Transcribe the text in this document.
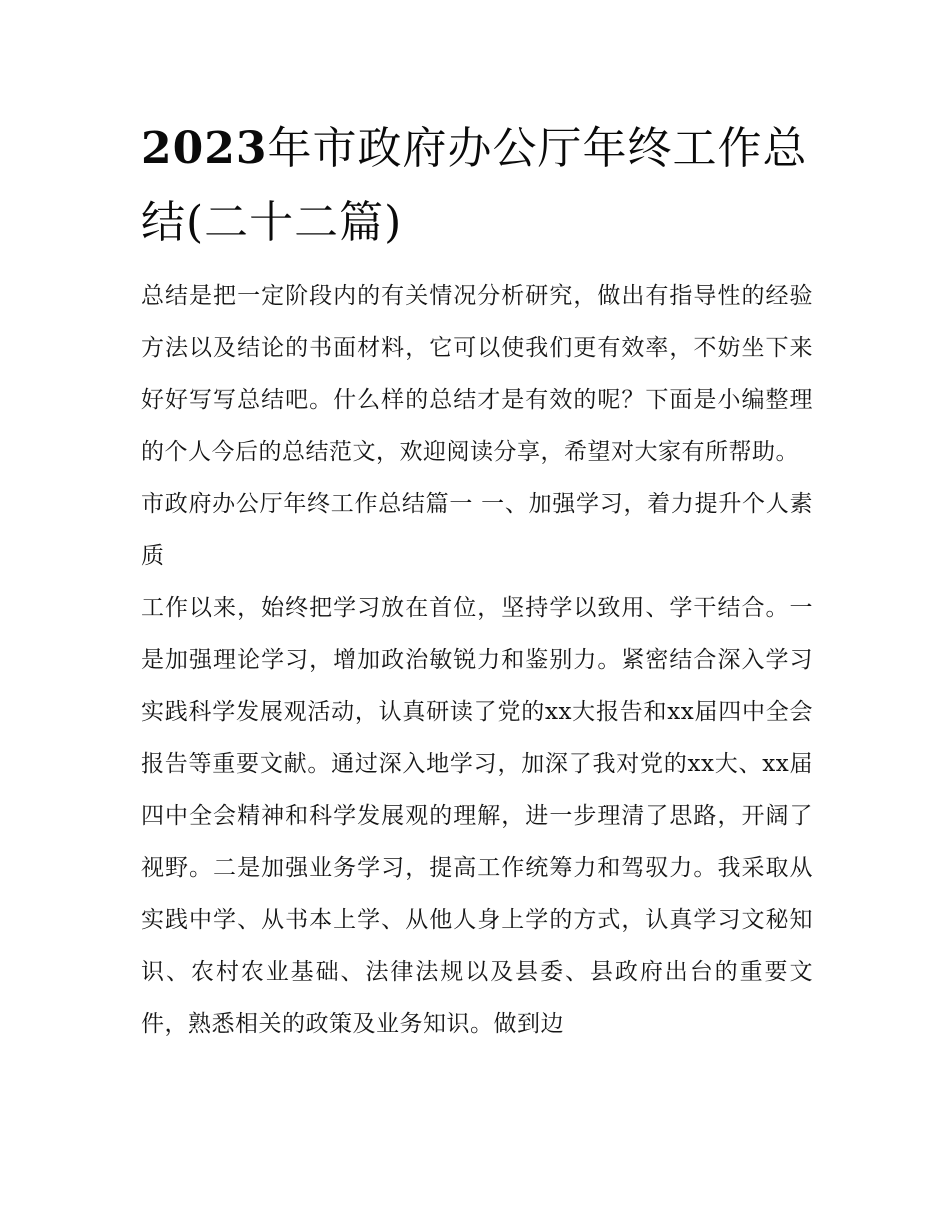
2023年市政府办公厅年终工作总结(二十二篇)

总结是把一定阶段内的有关情况分析研究，做出有指导性的经验方法以及结论的书面材料，它可以使我们更有效率，不妨坐下来好好写写总结吧。什么样的总结才是有效的呢？下面是小编整理的个人今后的总结范文，欢迎阅读分享，希望对大家有所帮助。

市政府办公厅年终工作总结篇一 一、加强学习，着力提升个人素质

工作以来，始终把学习放在首位，坚持学以致用、学干结合。一是加强理论学习，增加政治敏锐力和鉴别力。紧密结合深入学习实践科学发展观活动，认真研读了党的xx大报告和xx届四中全会报告等重要文献。通过深入地学习，加深了我对党的xx大、xx届四中全会精神和科学发展观的理解，进一步理清了思路，开阔了视野。二是加强业务学习，提高工作统筹力和驾驭力。我采取从实践中学、从书本上学、从他人身上学的方式，认真学习文秘知识、农村农业基础、法律法规以及县委、县政府出台的重要文件，熟悉相关的政策及业务知识。做到边
